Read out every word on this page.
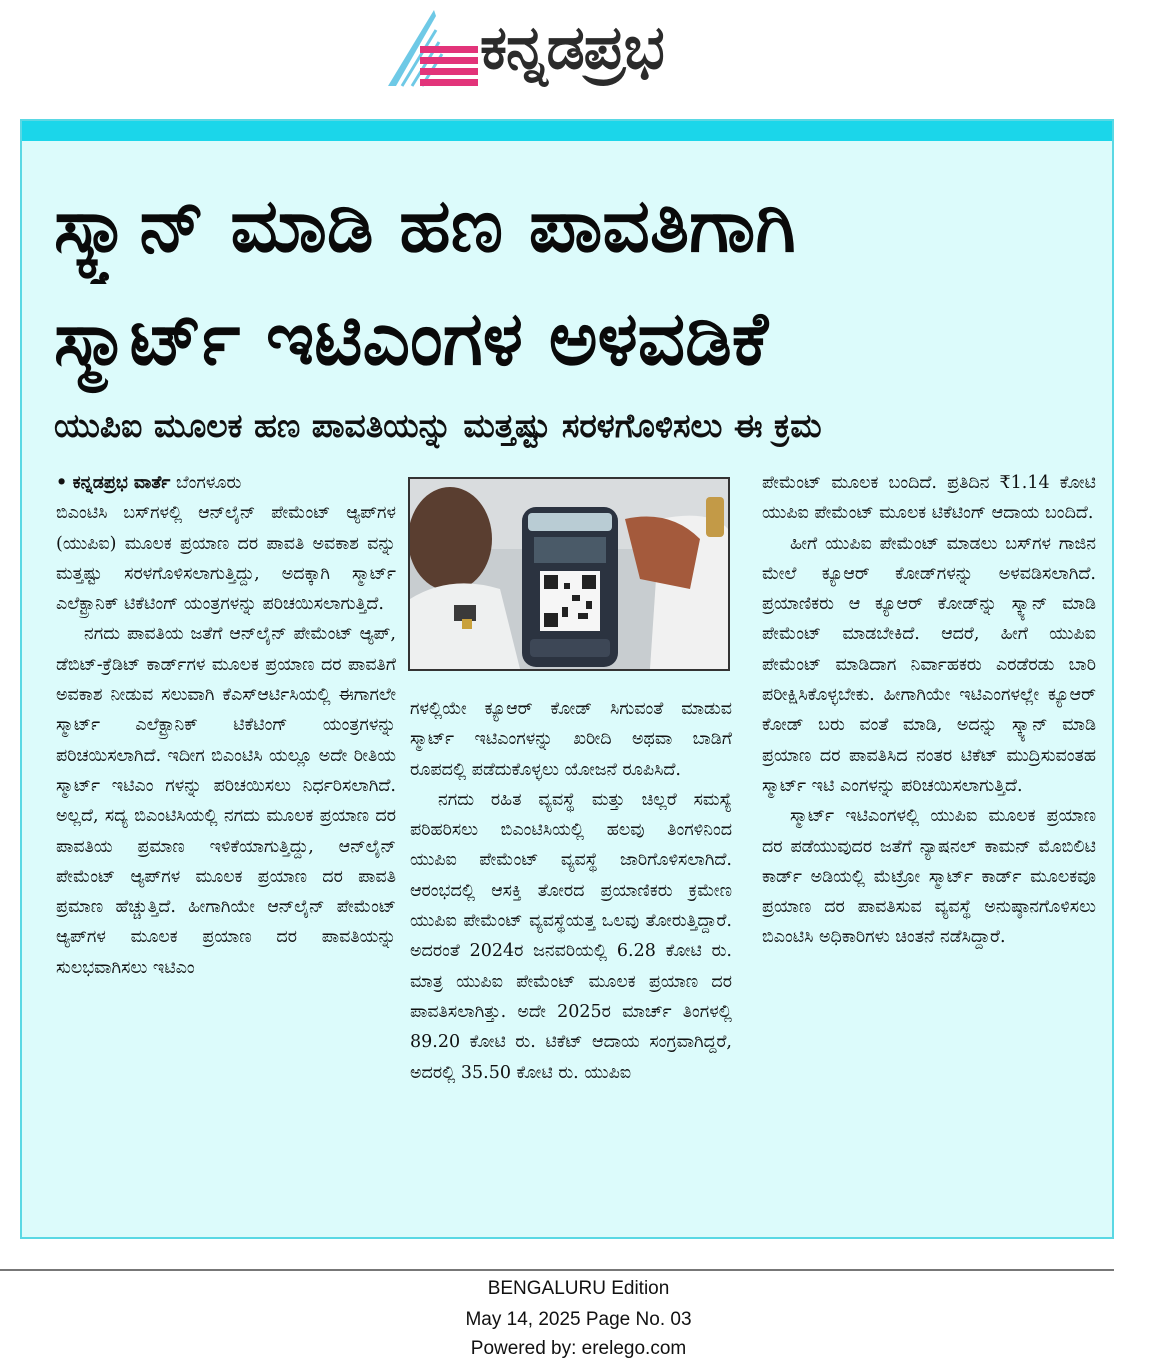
ಕನ್ನಡಪ್ರಭ
ಸ್ಕ್ಯಾನ್ ಮಾಡಿ ಹಣ ಪಾವತಿಗಾಗಿ
ಸ್ಮಾರ್ಟ್ ಇಟಿಎಂಗಳ ಅಳವಡಿಕೆ
ಯುಪಿಐ ಮೂಲಕ ಹಣ ಪಾವತಿಯನ್ನು ಮತ್ತಷ್ಟು ಸರಳಗೊಳಿಸಲು ಈ ಕ್ರಮ

• ಕನ್ನಡಪ್ರಭ ವಾರ್ತೆ ಬೆಂಗಳೂರು

ಬಿಎಂಟಿಸಿ ಬಸ್‌ಗಳಲ್ಲಿ ಆನ್‌ಲೈನ್ ಪೇಮೆಂಟ್ ಆ್ಯಪ್‌ಗಳ (ಯುಪಿಐ) ಮೂಲಕ ಪ್ರಯಾಣ ದರ ಪಾವತಿ ಅವಕಾಶ ವನ್ನು ಮತ್ತಷ್ಟು ಸರಳಗೊಳಿಸಲಾಗುತ್ತಿದ್ದು, ಅದಕ್ಕಾಗಿ ಸ್ಮಾರ್ಟ್ ಎಲೆಕ್ಟ್ರಾನಿಕ್ ಟಿಕೆಟಿಂಗ್ ಯಂತ್ರಗಳನ್ನು ಪರಿಚಯಿಸಲಾಗುತ್ತಿದೆ.

ನಗದು ಪಾವತಿಯ ಜತೆಗೆ ಆನ್‌ಲೈನ್ ಪೇಮೆಂಟ್ ಆ್ಯಪ್, ಡೆಬಿಟ್-ಕ್ರೆಡಿಟ್ ಕಾರ್ಡ್‌ಗಳ ಮೂಲಕ ಪ್ರಯಾಣ ದರ ಪಾವತಿಗೆ ಅವಕಾಶ ನೀಡುವ ಸಲುವಾಗಿ ಕೆಎಸ್ಆರ್ಟಿಸಿಯಲ್ಲಿ ಈಗಾಗಲೇ ಸ್ಮಾರ್ಟ್ ಎಲೆಕ್ಟ್ರಾನಿಕ್ ಟಿಕೆಟಿಂಗ್ ಯಂತ್ರಗಳನ್ನು ಪರಿಚಯಿಸಲಾಗಿದೆ. ಇದೀಗ ಬಿಎಂಟಿಸಿ ಯಲ್ಲೂ ಅದೇ ರೀತಿಯ ಸ್ಮಾರ್ಟ್ ಇಟಿಎಂ ಗಳನ್ನು ಪರಿಚಯಿಸಲು ನಿರ್ಧರಿಸಲಾಗಿದೆ. ಅಲ್ಲದೆ, ಸದ್ಯ ಬಿಎಂಟಿಸಿಯಲ್ಲಿ ನಗದು ಮೂಲಕ ಪ್ರಯಾಣ ದರ ಪಾವತಿಯ ಪ್ರಮಾಣ ಇಳಿಕೆಯಾಗುತ್ತಿದ್ದು, ಆನ್‌ಲೈನ್ ಪೇಮೆಂಟ್ ಆ್ಯಪ್‌ಗಳ ಮೂಲಕ ಪ್ರಯಾಣ ದರ ಪಾವತಿ ಪ್ರಮಾಣ ಹೆಚ್ಚುತ್ತಿದೆ. ಹೀಗಾಗಿಯೇ ಆನ್‌ಲೈನ್ ಪೇಮೆಂಟ್ ಆ್ಯಪ್‌ಗಳ ಮೂಲಕ ಪ್ರಯಾಣ ದರ ಪಾವತಿಯನ್ನು ಸುಲಭವಾಗಿಸಲು ಇಟಿಎಂ

ಗಳಲ್ಲಿಯೇ ಕ್ಯೂಆರ್ ಕೋಡ್ ಸಿಗುವಂತೆ ಮಾಡುವ ಸ್ಮಾರ್ಟ್ ಇಟಿಎಂಗಳನ್ನು ಖರೀದಿ ಅಥವಾ ಬಾಡಿಗೆ ರೂಪದಲ್ಲಿ ಪಡೆದುಕೊಳ್ಳಲು ಯೋಜನೆ ರೂಪಿಸಿದೆ.

ನಗದು ರಹಿತ ವ್ಯವಸ್ಥೆ ಮತ್ತು ಚಿಲ್ಲರೆ ಸಮಸ್ಯೆ ಪರಿಹರಿಸಲು ಬಿಎಂಟಿಸಿಯಲ್ಲಿ ಹಲವು ತಿಂಗಳಿನಿಂದ ಯುಪಿಐ ಪೇಮೆಂಟ್ ವ್ಯವಸ್ಥೆ ಜಾರಿಗೊಳಿಸಲಾಗಿದೆ. ಆರಂಭದಲ್ಲಿ ಆಸಕ್ತಿ ತೋರದ ಪ್ರಯಾಣಿಕರು ಕ್ರಮೇಣ ಯುಪಿಐ ಪೇಮೆಂಟ್ ವ್ಯವಸ್ಥೆಯತ್ತ ಒಲವು ತೋರುತ್ತಿದ್ದಾರೆ. ಅದರಂತೆ 2024ರ ಜನವರಿಯಲ್ಲಿ 6.28 ಕೋಟಿ ರು. ಮಾತ್ರ ಯುಪಿಐ ಪೇಮೆಂಟ್ ಮೂಲಕ ಪ್ರಯಾಣ ದರ ಪಾವತಿಸಲಾಗಿತ್ತು. ಅದೇ 2025ರ ಮಾರ್ಚ್ ತಿಂಗಳಲ್ಲಿ 89.20 ಕೋಟಿ ರು. ಟಿಕೆಟ್ ಆದಾಯ ಸಂಗ್ರವಾಗಿದ್ದರೆ, ಅದರಲ್ಲಿ 35.50 ಕೋಟಿ ರು. ಯುಪಿಐ

ಪೇಮೆಂಟ್ ಮೂಲಕ ಬಂದಿದೆ. ಪ್ರತಿದಿನ ₹1.14 ಕೋಟಿ ಯುಪಿಐ ಪೇಮೆಂಟ್ ಮೂಲಕ ಟಿಕೆಟಿಂಗ್ ಆದಾಯ ಬಂದಿದೆ.

ಹೀಗೆ ಯುಪಿಐ ಪೇಮೆಂಟ್ ಮಾಡಲು ಬಸ್‌ಗಳ ಗಾಜಿನ ಮೇಲೆ ಕ್ಯೂಆರ್ ಕೋಡ್‌ಗಳನ್ನು ಅಳವಡಿಸಲಾಗಿದೆ. ಪ್ರಯಾಣಿಕರು ಆ ಕ್ಯೂಆರ್ ಕೋಡ್‌ನ್ನು ಸ್ಕ್ಯಾನ್ ಮಾಡಿ ಪೇಮೆಂಟ್ ಮಾಡಬೇಕಿದೆ. ಆದರೆ, ಹೀಗೆ ಯುಪಿಐ ಪೇಮೆಂಟ್ ಮಾಡಿದಾಗ ನಿರ್ವಾಹಕರು ಎರಡೆರಡು ಬಾರಿ ಪರೀಕ್ಷಿಸಿಕೊಳ್ಳಬೇಕು. ಹೀಗಾಗಿಯೇ ಇಟಿಎಂಗಳಲ್ಲೇ ಕ್ಯೂಆರ್ ಕೋಡ್ ಬರು ವಂತೆ ಮಾಡಿ, ಅದನ್ನು ಸ್ಕ್ಯಾನ್ ಮಾಡಿ ಪ್ರಯಾಣ ದರ ಪಾವತಿಸಿದ ನಂತರ ಟಿಕೆಟ್ ಮುದ್ರಿಸುವಂತಹ ಸ್ಮಾರ್ಟ್ ಇಟಿ ಎಂಗಳನ್ನು ಪರಿಚಯಿಸಲಾಗುತ್ತಿದೆ.

ಸ್ಮಾರ್ಟ್ ಇಟಿಎಂಗಳಲ್ಲಿ ಯುಪಿಐ ಮೂಲಕ ಪ್ರಯಾಣ ದರ ಪಡೆಯುವುದರ ಜತೆಗೆ ನ್ಯಾಷನಲ್ ಕಾಮನ್ ಮೊಬಿಲಿಟಿ ಕಾರ್ಡ್ ಅಡಿಯಲ್ಲಿ ಮೆಟ್ರೋ ಸ್ಮಾರ್ಟ್ ಕಾರ್ಡ್ ಮೂಲಕವೂ ಪ್ರಯಾಣ ದರ ಪಾವತಿಸುವ ವ್ಯವಸ್ಥೆ ಅನುಷ್ಠಾನಗೊಳಿಸಲು ಬಿಎಂಟಿಸಿ ಅಧಿಕಾರಿಗಳು ಚಿಂತನೆ ನಡೆಸಿದ್ದಾರೆ.

BENGALURU Edition
May 14, 2025 Page No. 03
Powered by: erelego.com
